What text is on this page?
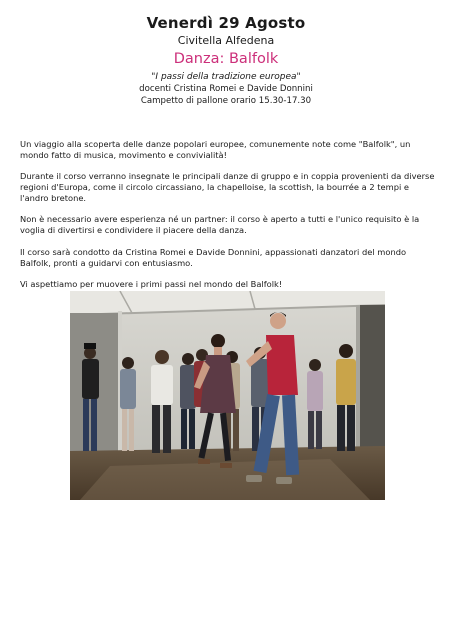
Venerdì 29 Agosto
Civitella Alfedena
Danza: Balfolk
"I passi della tradizione europea"
docenti Cristina Romei e Davide Donnini
Campetto di pallone orario 15.30-17.30

Un viaggio alla scoperta delle danze popolari europee, comunemente note come "Balfolk", un mondo fatto di musica, movimento e convivialità!

Durante il corso verranno insegnate le principali danze di gruppo e in coppia provenienti da diverse regioni d'Europa, come il circolo circassiano, la chapelloise, la scottish, la bourrée a 2 tempi e l'andro bretone.

Non è necessario avere esperienza né un partner: il corso è aperto a tutti e l'unico requisito è la voglia di divertirsi e condividere il piacere della danza.

Il corso sarà condotto da Cristina Romei e Davide Donnini, appassionati danzatori del mondo Balfolk, pronti a guidarvi con entusiasmo.

Vi aspettiamo per muovere i primi passi nel mondo del Balfolk!
